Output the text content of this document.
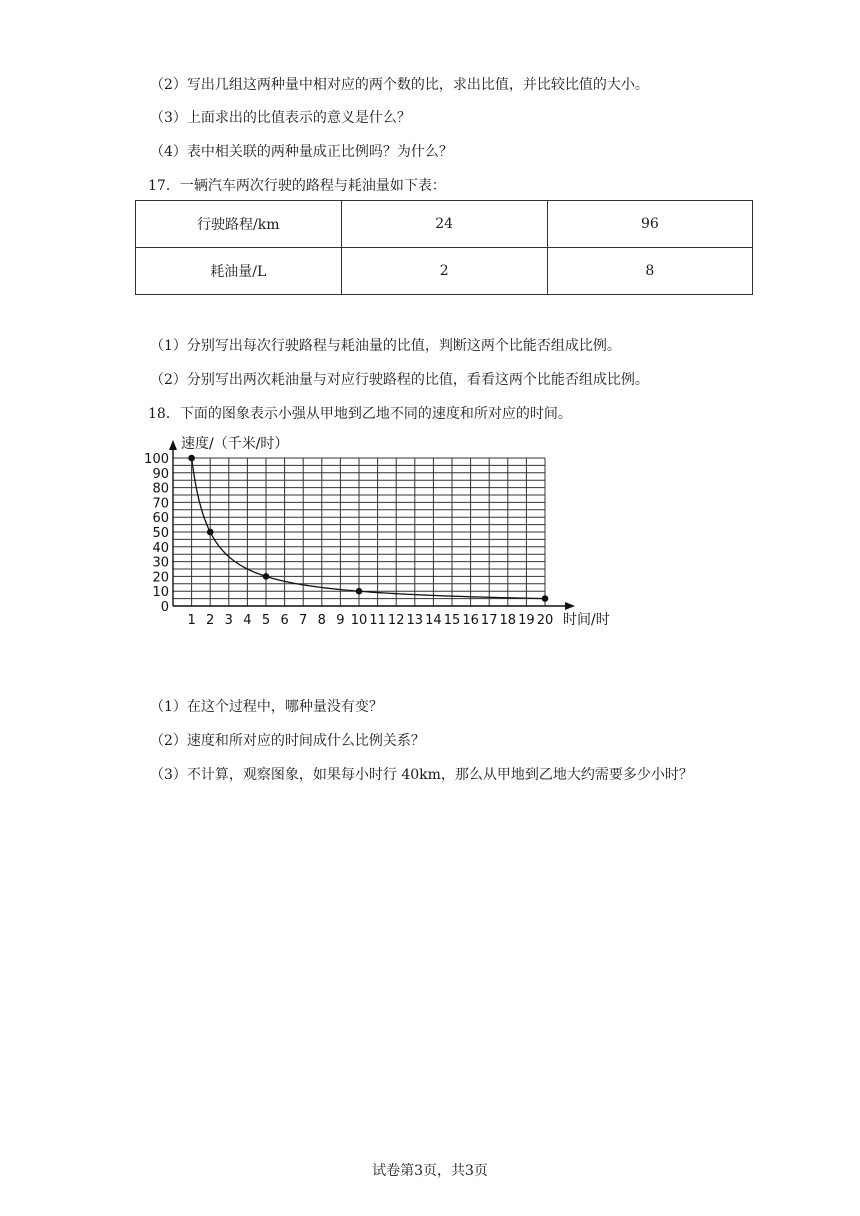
（2）写出几组这两种量中相对应的两个数的比，求出比值，并比较比值的大小。
（3）上面求出的比值表示的意义是什么？
（4）表中相关联的两种量成正比例吗？为什么？
17．一辆汽车两次行驶的路程与耗油量如下表：
行驶路程/km	24	96
耗油量/L	2	8
（1）分别写出每次行驶路程与耗油量的比值，判断这两个比能否组成比例。
（2）分别写出两次耗油量与对应行驶路程的比值，看看这两个比能否组成比例。
18．下面的图象表示小强从甲地到乙地不同的速度和所对应的时间。
0
10
20
30
40
50
60
70
80
90
100
1 2 3 4 5 6 7 8 9 10 11 12 13 14 15 16 17 18 19 20
速度/（千米/时）
时间/时
（1）在这个过程中，哪种量没有变？
（2）速度和所对应的时间成什么比例关系？
（3）不计算，观察图象，如果每小时行 40km，那么从甲地到乙地大约需要多少小时？
试卷第3页，共3页
